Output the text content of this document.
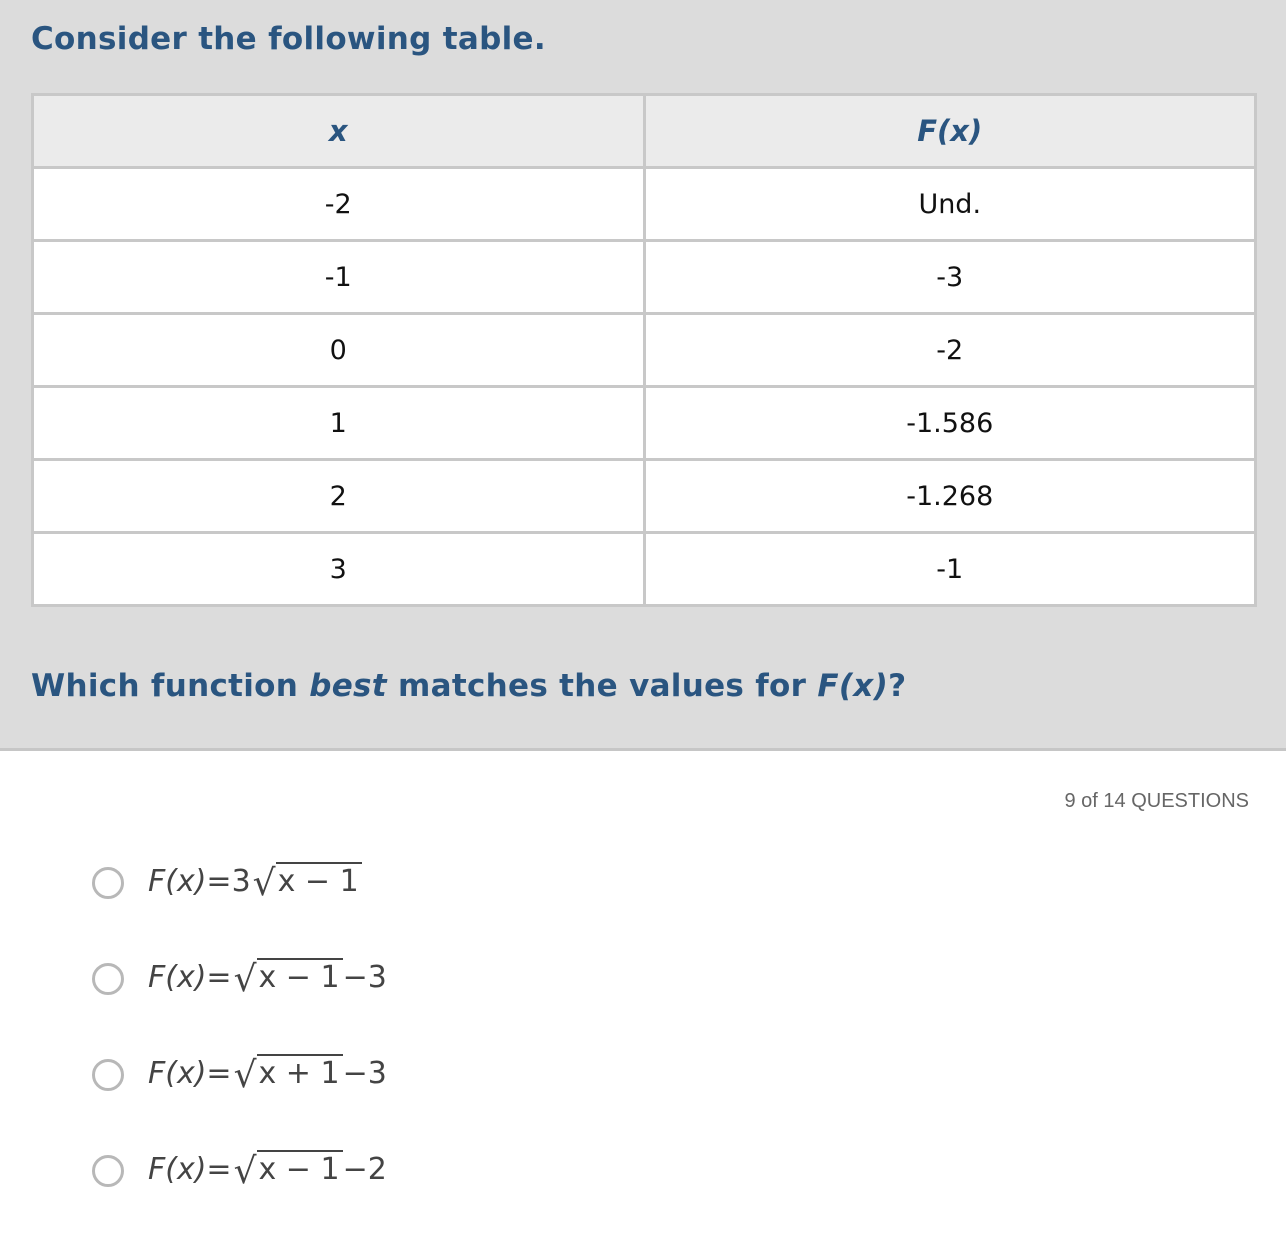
Consider the following table.
x	F(x)
-2	Und.
-1	-3
0	-2
1	-1.586
2	-1.268
3	-1
Which function best matches the values for F(x)?
9 of 14 QUESTIONS
F(x)=3√x − 1
F(x)=√x − 1 −3
F(x)=√x + 1 −3
F(x)=√x − 1 −2
